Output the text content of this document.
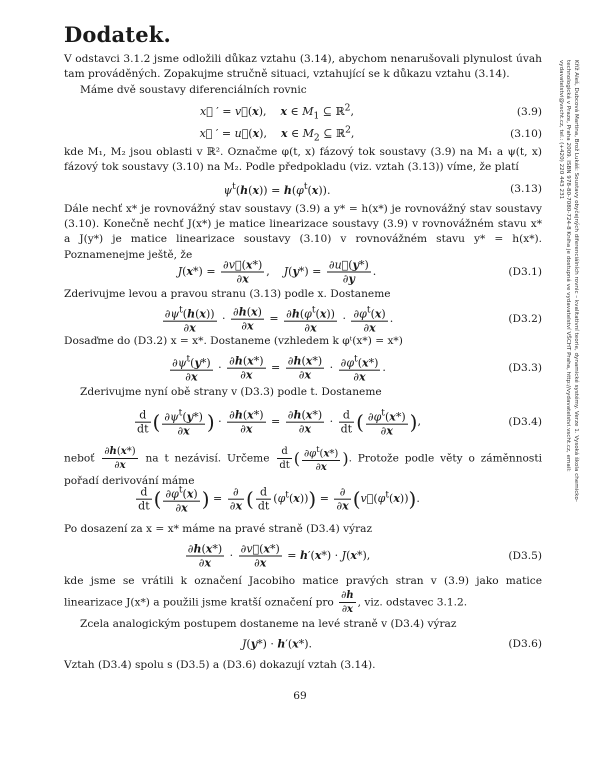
Dodatek.

V odstavci 3.1.2 jsme odložili důkaz vztahu (3.14), abychom nenarušovali plynulost úvah tam prováděných. Zopakujme stručně situaci, vztahující se k důkazu vztahu (3.14).

Máme dvě soustavy diferenciálních rovnic

x⃗ ′ = v⃗(x),    x ∈ $M_1$ ⊆ ℝ$^2$,	(3.9)
x⃗ ′ = u⃗(x),    x ∈ $M_2$ ⊆ ℝ$^2$,	(3.10)

kde M₁, M₂ jsou oblasti v ℝ². Označme φ(t, x) fázový tok soustavy (3.9) na M₁ a ψ(t, x) fázový tok soustavy (3.10) na M₂. Podle předpokladu (viz. vztah (3.13)) víme, že platí

$\psi^t(h(x)) = h(\varphi^t(x))$.	(3.13)

Dále nechť x* je rovnovážný stav soustavy (3.9) a y* = h(x*) je rovnovážný stav soustavy (3.10). Konečně nechť J(x*) je matice linearizace soustavy (3.9) v rovnovážném stavu x* a J(y*) je matice linearizace soustavy (3.10) v rovnovážném stavu y* = h(x*). Poznamenejme ještě, že

$J(x*) = \frac{\partial v⃗(x*)}{\partial x}$ ,    $J(y*) = \frac{\partial u⃗(y*)}{\partial y}$ .	(D3.1)

Zderivujme levou a pravou stranu (3.13) podle x. Dostaneme

$\frac{\partial\psi^t(h(x))}{\partial x} \cdot \frac{\partial h(x)}{\partial x} = \frac{\partial h(\varphi^t(x))}{\partial x} \cdot \frac{\partial\varphi^t(x)}{\partial x}$ .	(D3.2)

Dosaďme do (D3.2) x = x*. Dostaneme (vzhledem k φᵗ(x*) = x*)

$\frac{\partial\psi^t(y*)}{\partial x} \cdot \frac{\partial h(x*)}{\partial x} = \frac{\partial h(x*)}{\partial x} \cdot \frac{\partial\varphi^t(x*)}{\partial x}$ .	(D3.3)

Zderivujme nyní obě strany v (D3.3) podle t. Dostaneme

$\frac{d}{dt}$ ( $\frac{\partial\psi^t(y*)}{\partial x}$ ) · $\frac{\partial h(x*)}{\partial x} = \frac{\partial h(x*)}{\partial x} \cdot \frac{d}{dt}$ ( $\frac{\partial\varphi^t(x*)}{\partial x}$ ),	(D3.4)
neboť $\frac{\partial h(x*)}{\partial x}$ na t nezávisí. Určeme $\frac{d}{dt}$ ( $\frac{\partial\varphi^t(x*)}{\partial x}$ ). Protože podle věty o záměnnosti pořadí derivování máme
$\frac{d}{dt}$ ( $\frac{\partial\varphi^t(x)}{\partial x}$ ) = $\frac{\partial}{\partial x}$ ( $\frac{d}{dt} (\varphi^t(x))) = \frac{\partial}{\partial x}$ $(v⃗(\varphi^t(x)))$.

Po dosazení za x = x* máme na pravé straně (D3.4) výraz

$\frac{\partial h(x*)}{\partial x} \cdot \frac{\partial v⃗(x*)}{\partial x} = h'(x*) \cdot J(x*)$,	(D3.5)
kde jsme se vrátili k označení Jacobiho matice pravých stran v (3.9) jako matice linearizace J(x*) a použili jsme kratší označení pro $\frac{\partial h}{\partial x}$ , viz. odstavec 3.1.2.

Zcela analogickým postupem dostaneme na levé straně v (D3.4) výraz

J(y*) · h′(x*).	(D3.6)

Vztah (D3.4) spolu s (D3.5) a (D3.6) dokazují vztah (3.14).

69
Kříž Aleš, Dubcová Martina, Brož Lukáš: Soustavy obyčejných diferenciálních rovnic – kvalitativní teorie, dynamické systémy. Verze 1. Vysoká škola chemicko-technologická v Praze, Praha 2009. ISBN 978-80-7080-724-8 Kniha je dostupná ve vydavatelství VŠCHT Praha, http://vydavatelstvi.vscht.cz, email: vydavatelstvi@vscht.cz, tel.: (+420) 220 443 231
